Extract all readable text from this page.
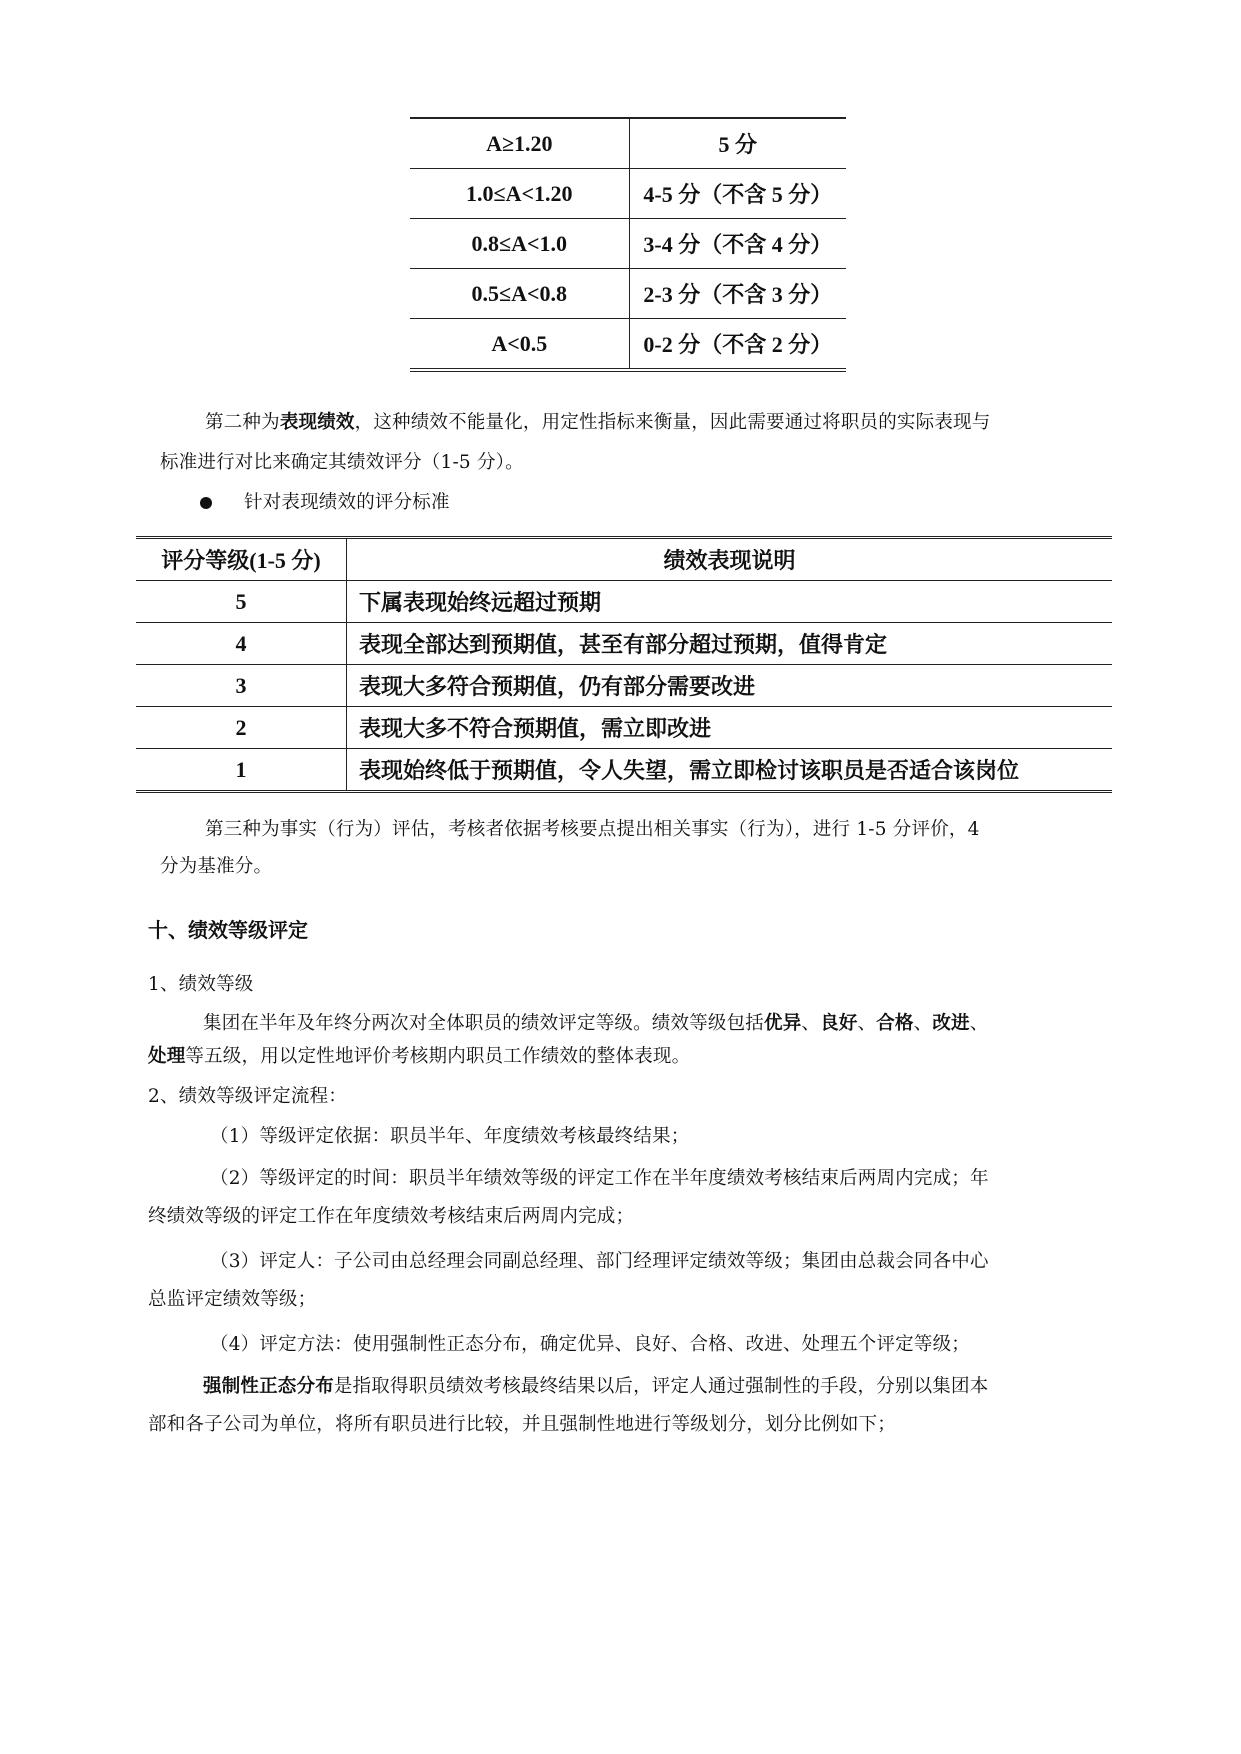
A≥1.20	5 分
1.0≤A<1.20	4-5 分（不含 5 分）
0.8≤A<1.0	3-4 分（不含 4 分）
0.5≤A<0.8	2-3 分（不含 3 分）
A<0.5	0-2 分（不含 2 分）
第二种为表现绩效，这种绩效不能量化，用定性指标来衡量，因此需要通过将职员的实际表现与
标准进行对比来确定其绩效评分（1-5 分）。
针对表现绩效的评分标准
评分等级(1-5 分)	绩效表现说明
5	下属表现始终远超过预期
4	表现全部达到预期值，甚至有部分超过预期，值得肯定
3	表现大多符合预期值，仍有部分需要改进
2	表现大多不符合预期值，需立即改进
1	表现始终低于预期值，令人失望，需立即检讨该职员是否适合该岗位
第三种为事实（行为）评估，考核者依据考核要点提出相关事实（行为），进行 1-5 分评价，4
分为基准分。
十、绩效等级评定
1、绩效等级
集团在半年及年终分两次对全体职员的绩效评定等级。绩效等级包括优异、良好、合格、改进、
处理等五级，用以定性地评价考核期内职员工作绩效的整体表现。
2、绩效等级评定流程：
（1）等级评定依据：职员半年、年度绩效考核最终结果；
（2）等级评定的时间：职员半年绩效等级的评定工作在半年度绩效考核结束后两周内完成；年
终绩效等级的评定工作在年度绩效考核结束后两周内完成；
（3）评定人：子公司由总经理会同副总经理、部门经理评定绩效等级；集团由总裁会同各中心
总监评定绩效等级；
（4）评定方法：使用强制性正态分布，确定优异、良好、合格、改进、处理五个评定等级；
强制性正态分布是指取得职员绩效考核最终结果以后，评定人通过强制性的手段，分别以集团本
部和各子公司为单位，将所有职员进行比较，并且强制性地进行等级划分，划分比例如下；
